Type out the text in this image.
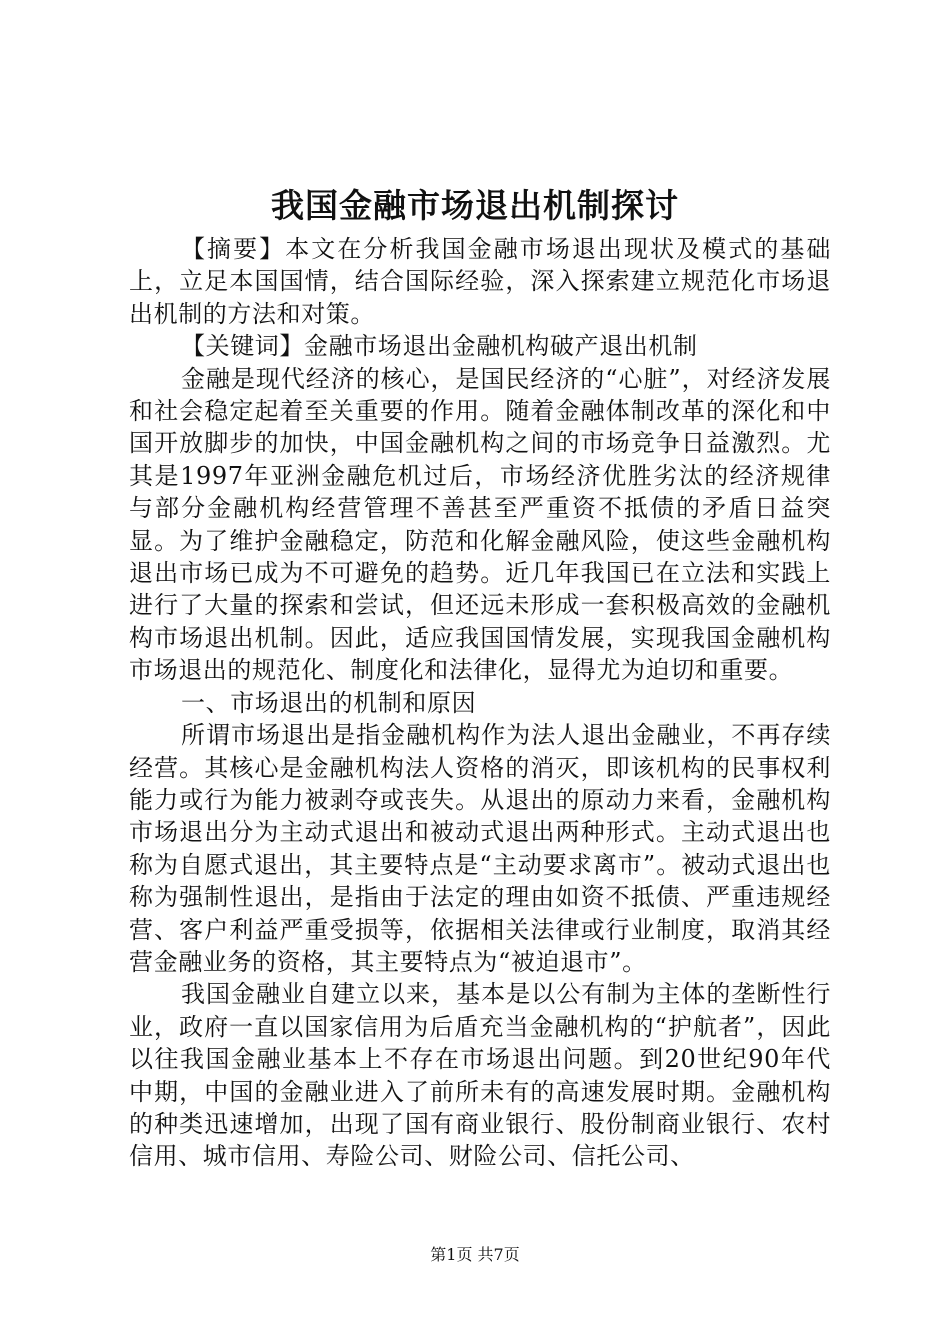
我国金融市场退出机制探讨

【摘要】本文在分析我国金融市场退出现状及模式的基础上，立足本国国情，结合国际经验，深入探索建立规范化市场退出机制的方法和对策。

【关键词】金融市场退出金融机构破产退出机制

金融是现代经济的核心，是国民经济的“心脏”，对经济发展和社会稳定起着至关重要的作用。随着金融体制改革的深化和中国开放脚步的加快，中国金融机构之间的市场竞争日益激烈。尤其是1997年亚洲金融危机过后，市场经济优胜劣汰的经济规律与部分金融机构经营管理不善甚至严重资不抵债的矛盾日益突显。为了维护金融稳定，防范和化解金融风险，使这些金融机构退出市场已成为不可避免的趋势。近几年我国已在立法和实践上进行了大量的探索和尝试，但还远未形成一套积极高效的金融机构市场退出机制。因此，适应我国国情发展，实现我国金融机构市场退出的规范化、制度化和法律化，显得尤为迫切和重要。

一、市场退出的机制和原因

所谓市场退出是指金融机构作为法人退出金融业，不再存续经营。其核心是金融机构法人资格的消灭，即该机构的民事权利能力或行为能力被剥夺或丧失。从退出的原动力来看，金融机构市场退出分为主动式退出和被动式退出两种形式。主动式退出也称为自愿式退出，其主要特点是“主动要求离市”。被动式退出也称为强制性退出，是指由于法定的理由如资不抵债、严重违规经营、客户利益严重受损等，依据相关法律或行业制度，取消其经营金融业务的资格，其主要特点为“被迫退市”。

我国金融业自建立以来，基本是以公有制为主体的垄断性行业，政府一直以国家信用为后盾充当金融机构的“护航者”，因此以往我国金融业基本上不存在市场退出问题。到20世纪90年代中期，中国的金融业进入了前所未有的高速发展时期。金融机构的种类迅速增加，出现了国有商业银行、股份制商业银行、农村信用、城市信用、寿险公司、财险公司、信托公司、

第1页 共7页
